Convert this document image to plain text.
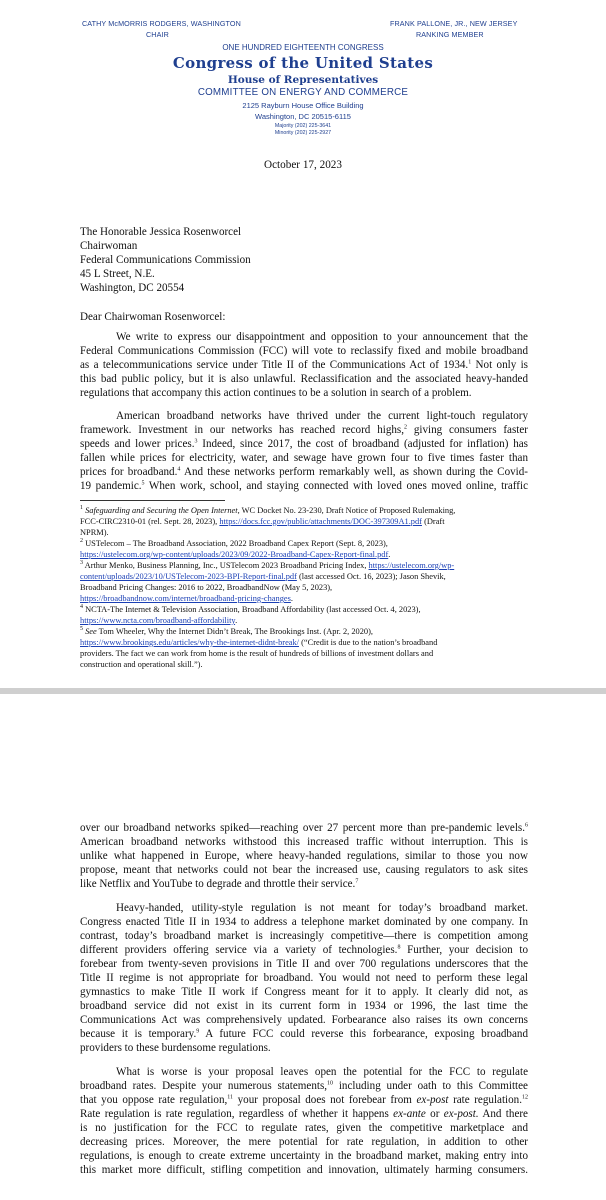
CATHY McMORRIS RODGERS, WASHINGTON
CHAIR
FRANK PALLONE, JR., NEW JERSEY
RANKING MEMBER
ONE HUNDRED EIGHTEENTH CONGRESS
Congress of the United States
House of Representatives
COMMITTEE ON ENERGY AND COMMERCE
2125 Rayburn House Office Building
Washington, DC 20515-6115
Majority (202) 225-3641
Minority (202) 225-2927
October 17, 2023
The Honorable Jessica Rosenworcel
Chairwoman
Federal Communications Commission
45 L Street, N.E.
Washington, DC 20554
Dear Chairwoman Rosenworcel:
We write to express our disappointment and opposition to your announcement that the
Federal Communications Commission (FCC) will vote to reclassify fixed and mobile broadband
as a telecommunications service under Title II of the Communications Act of 1934.$^1$ Not only is
this bad public policy, but it is also unlawful. Reclassification and the associated heavy-handed
regulations that accompany this action continues to be a solution in search of a problem.
American broadband networks have thrived under the current light-touch regulatory
framework. Investment in our networks has reached record highs,$^2$ giving consumers faster
speeds and lower prices.$^3$ Indeed, since 2017, the cost of broadband (adjusted for inflation) has
fallen while prices for electricity, water, and sewage have grown four to five times faster than
prices for broadband.$^4$ And these networks perform remarkably well, as shown during the Covid-
19 pandemic.$^5$ When work, school, and staying connected with loved ones moved online, traffic
$^1$ Safeguarding and Securing the Open Internet, WC Docket No. 23-230, Draft Notice of Proposed Rulemaking,
FCC-CIRC2310-01 (rel. Sept. 28, 2023), https://docs.fcc.gov/public/attachments/DOC-397309A1.pdf (Draft
NPRM).
$^2$ USTelecom – The Broadband Association, 2022 Broadband Capex Report (Sept. 8, 2023),
https://ustelecom.org/wp-content/uploads/2023/09/2022-Broadband-Capex-Report-final.pdf.
$^3$ Arthur Menko, Business Planning, Inc., USTelecom 2023 Broadband Pricing Index, https://ustelecom.org/wp-
content/uploads/2023/10/USTelecom-2023-BPI-Report-final.pdf (last accessed Oct. 16, 2023); Jason Shevik,
Broadband Pricing Changes: 2016 to 2022, BroadbandNow (May 5, 2023),
https://broadbandnow.com/internet/broadband-pricing-changes.
$^4$ NCTA-The Internet & Television Association, Broadband Affordability (last accessed Oct. 4, 2023),
https://www.ncta.com/broadband-affordability.
$^5$ See Tom Wheeler, Why the Internet Didn’t Break, The Brookings Inst. (Apr. 2, 2020),
https://www.brookings.edu/articles/why-the-internet-didnt-break/ (“Credit is due to the nation’s broadband
providers. The fact we can work from home is the result of hundreds of billions of investment dollars and
construction and operational skill.”).
over our broadband networks spiked—reaching over 27 percent more than pre-pandemic levels.$^6$
American broadband networks withstood this increased traffic without interruption. This is
unlike what happened in Europe, where heavy-handed regulations, similar to those you now
propose, meant that networks could not bear the increased use, causing regulators to ask sites
like Netflix and YouTube to degrade and throttle their service.$^7$
Heavy-handed, utility-style regulation is not meant for today’s broadband market.
Congress enacted Title II in 1934 to address a telephone market dominated by one company. In
contrast, today’s broadband market is increasingly competitive—there is competition among
different providers offering service via a variety of technologies.$^8$ Further, your decision to
forebear from twenty-seven provisions in Title II and over 700 regulations underscores that the
Title II regime is not appropriate for broadband. You would not need to perform these legal
gymnastics to make Title II work if Congress meant for it to apply. It clearly did not, as
broadband service did not exist in its current form in 1934 or 1996, the last time the
Communications Act was comprehensively updated. Forbearance also raises its own concerns
because it is temporary.$^9$ A future FCC could reverse this forbearance, exposing broadband
providers to these burdensome regulations.
What is worse is your proposal leaves open the potential for the FCC to regulate
broadband rates. Despite your numerous statements,$^{10}$ including under oath to this Committee
that you oppose rate regulation,$^{11}$ your proposal does not forebear from ex-post rate regulation.$^{12}$
Rate regulation is rate regulation, regardless of whether it happens ex-ante or ex-post. And there
is no justification for the FCC to regulate rates, given the competitive marketplace and
decreasing prices. Moreover, the mere potential for rate regulation, in addition to other
regulations, is enough to create extreme uncertainty in the broadband market, making entry into
this market more difficult, stifling competition and innovation, ultimately harming consumers.
